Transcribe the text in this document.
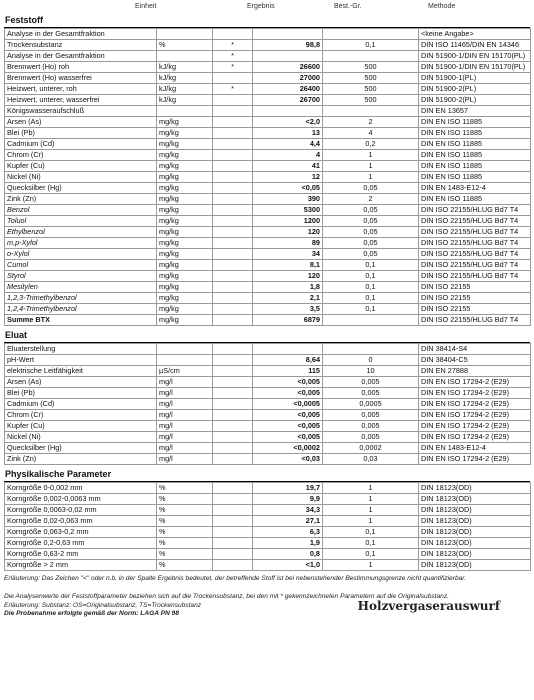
Einheit	Ergebnis	Best.-Gr.	Methode
Feststoff
Analyse in der Gesamtfraktion					<keine Angabe>
Trockensubstanz	%	*	98,8	0,1	DIN ISO 11465/DIN EN 14346
Analyse in der Gesamtfraktion		*			DIN 51900-1/DIN EN 15170(PL)
Brennwert (Ho) roh	kJ/kg	*	26600	500	DIN 51900-1/DIN EN 15170(PL)
Brennwert (Ho) wasserfrei	kJ/kg		27000	500	DIN 51900-1(PL)
Heizwert, unterer, roh	kJ/kg	*	26400	500	DIN 51900-2(PL)
Heizwert, unterer, wasserfrei	kJ/kg		26700	500	DIN 51900-2(PL)
Königswasseraufschluß					DIN EN 13657
Arsen (As)	mg/kg		<2,0	2	DIN EN ISO 11885
Blei (Pb)	mg/kg		13	4	DIN EN ISO 11885
Cadmium (Cd)	mg/kg		4,4	0,2	DIN EN ISO 11885
Chrom (Cr)	mg/kg		4	1	DIN EN ISO 11885
Kupfer (Cu)	mg/kg		41	1	DIN EN ISO 11885
Nickel (Ni)	mg/kg		12	1	DIN EN ISO 11885
Quecksilber (Hg)	mg/kg		<0,05	0,05	DIN EN 1483-E12-4
Zink (Zn)	mg/kg		390	2	DIN EN ISO 11885
Benzol	mg/kg		5300	0,05	DIN ISO 22155/HLUG Bd7 T4
Toluol	mg/kg		1200	0,05	DIN ISO 22155/HLUG Bd7 T4
Ethylbenzol	mg/kg		120	0,05	DIN ISO 22155/HLUG Bd7 T4
m,p-Xylol	mg/kg		89	0,05	DIN ISO 22155/HLUG Bd7 T4
o-Xylol	mg/kg		34	0,05	DIN ISO 22155/HLUG Bd7 T4
Cumol	mg/kg		8,1	0,1	DIN ISO 22155/HLUG Bd7 T4
Styrol	mg/kg		120	0,1	DIN ISO 22155/HLUG Bd7 T4
Mesitylen	mg/kg		1,8	0,1	DIN ISO 22155
1,2,3-Trimethylbenzol	mg/kg		2,1	0,1	DIN ISO 22155
1,2,4-Trimethylbenzol	mg/kg		3,5	0,1	DIN ISO 22155
Summe BTX	mg/kg		6879		DIN ISO 22155/HLUG Bd7 T4
Eluat
Eluaterstellung					DIN 38414-S4
pH-Wert			8,64	0	DIN 38404-C5
elektrische Leitfähigkeit	µS/cm		115	10	DIN EN 27888
Arsen (As)	mg/l		<0,005	0,005	DIN EN ISO 17294-2 (E29)
Blei (Pb)	mg/l		<0,005	0,005	DIN EN ISO 17294-2 (E29)
Cadmium (Cd)	mg/l		<0,0005	0,0005	DIN EN ISO 17294-2 (E29)
Chrom (Cr)	mg/l		<0,005	0,005	DIN EN ISO 17294-2 (E29)
Kupfer (Cu)	mg/l		<0,005	0,005	DIN EN ISO 17294-2 (E29)
Nickel (Ni)	mg/l		<0,005	0,005	DIN EN ISO 17294-2 (E29)
Quecksilber (Hg)	mg/l		<0,0002	0,0002	DIN EN 1483-E12-4
Zink (Zn)	mg/l		<0,03	0,03	DIN EN ISO 17294-2 (E29)
Physikalische Parameter
Korngröße 0-0,002 mm	%		19,7	1	DIN 18123(OD)
Korngröße 0,002-0,0063 mm	%		9,9	1	DIN 18123(OD)
Korngröße 0,0063-0,02 mm	%		34,3	1	DIN 18123(OD)
Korngröße 0,02-0,063 mm	%		27,1	1	DIN 18123(OD)
Korngröße 0,063-0,2 mm	%		6,3	0,1	DIN 18123(OD)
Korngröße 0,2-0,63 mm	%		1,9	0,1	DIN 18123(OD)
Korngröße 0,63-2 mm	%		0,8	0,1	DIN 18123(OD)
Korngröße > 2 mm	%		<1,0	1	DIN 18123(OD)

Erläuterung: Das Zeichen "<" oder n.b. in der Spalte Ergebnis bedeutet, der betreffende Stoff ist bei nebenstehender Bestimmungsgrenze nicht quantifizierbar.

Die Analysenwerte der Feststoffparameter beziehen sich auf die Trockensubstanz, bei den mit * gekennzeichneten Parametern auf die Originalsubstanz.

Erläuterung: Substanz: OS=Originalsubstanz, TS=Trockensubstanz

Die Probenahme erfolgte gemäß der Norm: LAGA PN 98
Holzvergaserauswurf
